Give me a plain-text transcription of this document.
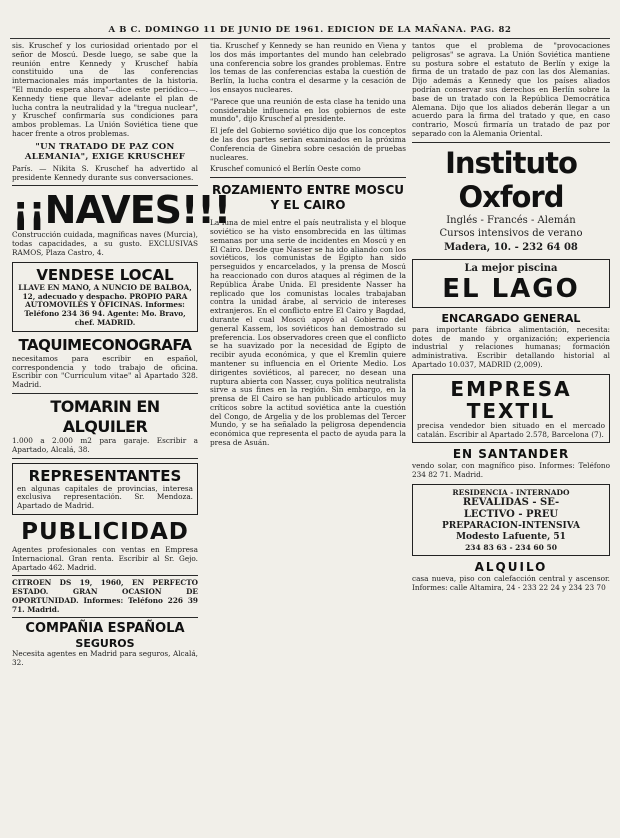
A B C. DOMINGO 11 DE JUNIO DE 1961. EDICION DE LA MAÑANA. PAG. 82

sis. Kruschef y los curiosidad orientado por el señor de Moscú. Desde luego, se sabe que la reunión entre Kennedy y Kruschef había constituido una de las conferencias internacionales más importantes de la historia. "El mundo espera ahora"—dice este periódico—. Kennedy tiene que llevar adelante el plan de lucha contra la neutralidad y la "tregua nuclear", y Kruschef confirmaría sus condiciones para ambos problemas. La Unión Soviética tiene que hacer frente a otros problemas.

"UN TRATADO DE PAZ CON ALEMANIA", EXIGE KRUSCHEF

París. — Nikita S. Kruschef ha advertido al presidente Kennedy durante sus conversaciones.

¡¡NAVES!!!

Construcción cuidada, magníficas naves (Murcia), todas capacidades, a su gusto. EXCLUSIVAS RAMOS, Plaza Castro, 4.

VENDESE LOCAL

LLAVE EN MANO, A NUNCIO DE BALBOA, 12, adecuado y despacho. PROPIO PARA AUTOMOVILES Y OFICINAS. Informes: Teléfono 234 36 94. Agente: Mo. Bravo, chef. MADRID.

TAQUIMECONOGRAFA

necesitamos para escribir en español, correspondencia y todo trabajo de oficina. Escribir con "Curriculum vitae" al Apartado 328. Madrid.

TOMARIN EN ALQUILER

1.000 a 2.000 m2 para garaje. Escribir a Apartado, Alcalá, 38.

REPRESENTANTES

en algunas capitales de provincias, interesa exclusiva representación. Sr. Mendoza. Apartado de Madrid.

PUBLICIDAD

Agentes profesionales con ventas en Empresa Internacional. Gran renta. Escribir al Sr. Gejo. Apartado 462. Madrid.

CITROEN DS 19, 1960, EN PERFECTO ESTADO. GRAN OCASION DE OPORTUNIDAD. Informes: Teléfono 226 39 71. Madrid.

COMPAÑIA ESPAÑOLA
SEGUROS

Necesita agentes en Madrid para seguros, Alcalá, 32.

tia. Kruschef y Kennedy se han reunido en Viena y los dos más importantes del mundo han celebrado una conferencia sobre los grandes problemas. Entre los temas de las conferencias estaba la cuestión de Berlín, la lucha contra el desarme y la cesación de los ensayos nucleares.

"Parece que una reunión de esta clase ha tenido una considerable influencia en los gobiernos de este mundo", dijo Kruschef al presidente.

El jefe del Gobierno soviético dijo que los conceptos de las dos partes serían examinados en la próxima Conferencia de Ginebra sobre cesación de pruebas nucleares.

Kruschef comunicó el Berlín Oeste como

ROZAMIENTO ENTRE MOSCU Y EL CAIRO

La luna de miel entre el país neutralista y el bloque soviético se ha visto ensombrecida en las últimas semanas por una serie de incidentes en Moscú y en El Cairo. Desde que Nasser se ha ido aliando con los soviéticos, los comunistas de Egipto han sido perseguidos y encarcelados, y la prensa de Moscú ha reaccionado con duros ataques al régimen de la República Árabe Unida. El presidente Nasser ha replicado que los comunistas locales trabajaban contra la unidad árabe, al servicio de intereses extranjeros. En el conflicto entre El Cairo y Bagdad, durante el cual Moscú apoyó al Gobierno del general Kassem, los soviéticos han demostrado su preferencia. Los observadores creen que el conflicto se ha suavizado por la necesidad de Egipto de recibir ayuda económica, y que el Kremlin quiere mantener su influencia en el Oriente Medio. Los dirigentes soviéticos, al parecer, no desean una ruptura abierta con Nasser, cuya política neutralista sirve a sus fines en la región. Sin embargo, en la prensa de El Cairo se han publicado artículos muy críticos sobre la actitud soviética ante la cuestión del Congo, de Argelia y de los problemas del Tercer Mundo, y se ha señalado la peligrosa dependencia económica que representa el pacto de ayuda para la presa de Asuán.

tantos que el problema de "provocaciones peligrosas" se agrava. La Unión Soviética mantiene su postura sobre el estatuto de Berlín y exige la firma de un tratado de paz con las dos Alemanias. Dijo además a Kennedy que los países aliados podrían conservar sus derechos en Berlín sobre la base de un tratado con la República Democrática Alemana. Dijo que los aliados deberán llegar a un acuerdo para la firma del tratado y que, en caso contrario, Moscú firmaría un tratado de paz por separado con la Alemania Oriental.

Instituto Oxford
Inglés - Francés - Alemán
Cursos intensivos de verano
Madera, 10. - 232 64 08
La mejor piscina
EL LAGO
ENCARGADO GENERAL

para importante fábrica alimentación, necesita: dotes de mando y organización; experiencia industrial y relaciones humanas; formación administrativa. Escribir detallando historial al Apartado 10.037, MADRID (2,009).

EMPRESA
TEXTIL

precisa vendedor bien situado en el mercado catalán. Escribir al Apartado 2.578, Barcelona (7).

EN SANTANDER

vendo solar, con magnífico piso. Informes: Teléfono 234 82 71. Madrid.

RESIDENCIA - INTERNADO
REVALIDAS - SE-
LECTIVO - PREU
PREPARACION-INTENSIVA
Modesto Lafuente, 51
234 83 63 - 234 60 50
ALQUILO

casa nueva, piso con calefacción central y ascensor. Informes: calle Altamira, 24 - 233 22 24 y 234 23 70
